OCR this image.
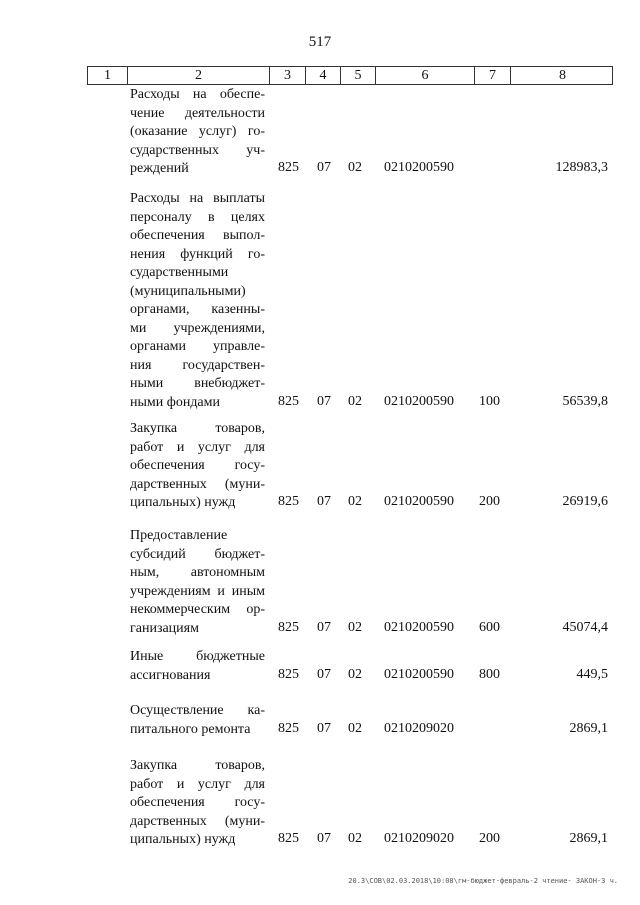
517
1	2	3	4	5	6	7	8
Расходы на обеспе-
чение деятельности
(оказание услуг) го-
сударственных уч-
реждений	825 07 02 0210200590	128983,3
Расходы на выплаты
персоналу в целях
обеспечения выпол-
нения функций го-
сударственными
(муниципальными)
органами, казенны-
ми учреждениями,
органами управле-
ния государствен-
ными внебюджет-
ными фондами	825 07 02 0210200590 100	56539,8
Закупка товаров,
работ и услуг для
обеспечения госу-
дарственных (муни-
ципальных) нужд	825 07 02 0210200590 200	26919,6
Предоставление
субсидий бюджет-
ным, автономным
учреждениям и иным
некоммерческим ор-
ганизациям	825 07 02 0210200590 600	45074,4
Иные бюджетные
ассигнования	825 07 02 0210200590 800	449,5
Осуществление ка-
питального ремонта	825 07 02 0210209020	2869,1
Закупка товаров,
работ и услуг для
обеспечения госу-
дарственных (муни-
ципальных) нужд	825 07 02 0210209020 200	2869,1
20.3\COB\02.03.2018\10:08\гм-бюджет-февраль-2 чтение- ЗАКОН-3 ч.
